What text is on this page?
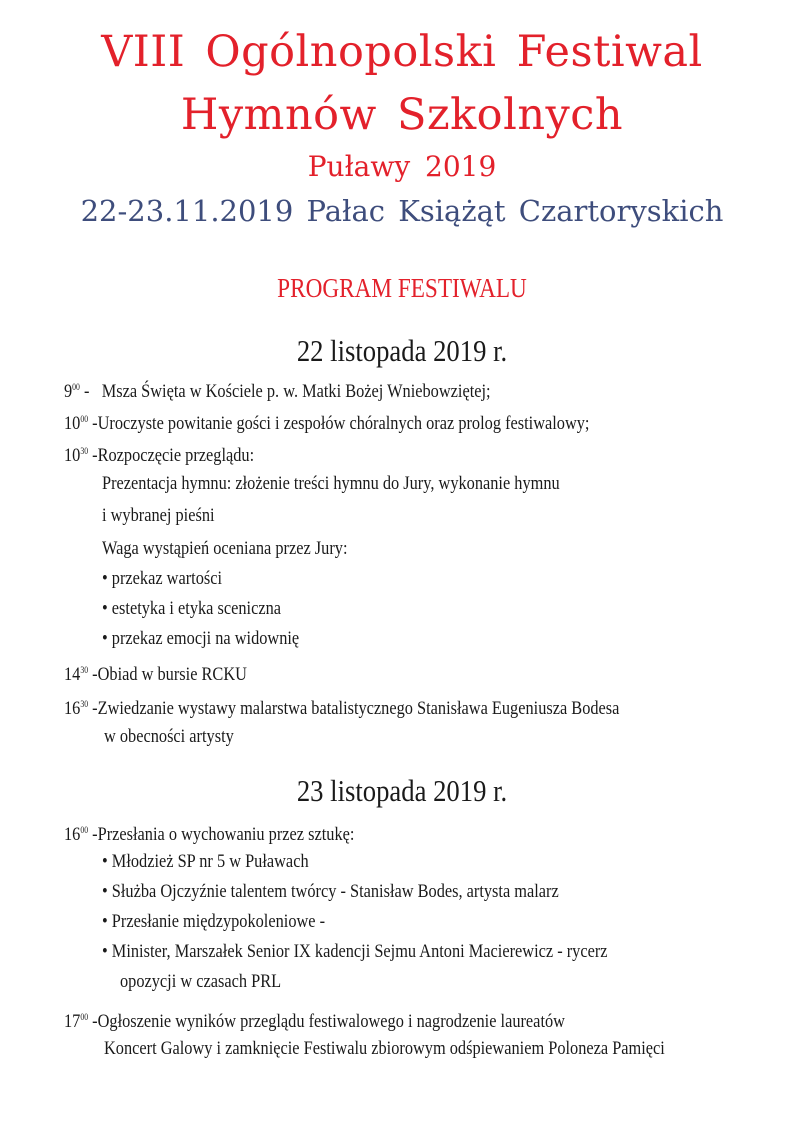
VIII Ogólnopolski Festiwal
Hymnów Szkolnych
Puławy 2019
22-23.11.2019 Pałac Książąt Czartoryskich
PROGRAM FESTIWALU
22 listopada 2019 r.
$9^{00}$ -   Msza Święta w Kościele p. w. Matki Bożej Wniebowziętej;
$10^{00}$ -Uroczyste powitanie gości i zespołów chóralnych oraz prolog festiwalowy;
$10^{30}$ -Rozpoczęcie przeglądu:
Prezentacja hymnu: złożenie treści hymnu do Jury, wykonanie hymnu
i wybranej pieśni
Waga wystąpień oceniana przez Jury:
• przekaz wartości
• estetyka i etyka sceniczna
• przekaz emocji na widownię
$14^{30}$ -Obiad w bursie RCKU
$16^{30}$ -Zwiedzanie wystawy malarstwa batalistycznego Stanisława Eugeniusza Bodesa
w obecności artysty
23 listopada 2019 r.
$16^{00}$ -Przesłania o wychowaniu przez sztukę:
• Młodzież SP nr 5 w Puławach
• Służba Ojczyźnie talentem twórcy - Stanisław Bodes, artysta malarz
• Przesłanie międzypokoleniowe -
• Minister, Marszałek Senior IX kadencji Sejmu Antoni Macierewicz - rycerz
opozycji w czasach PRL
$17^{00}$ -Ogłoszenie wyników przeglądu festiwalowego i nagrodzenie laureatów
Koncert Galowy i zamknięcie Festiwalu zbiorowym odśpiewaniem Poloneza Pamięci
